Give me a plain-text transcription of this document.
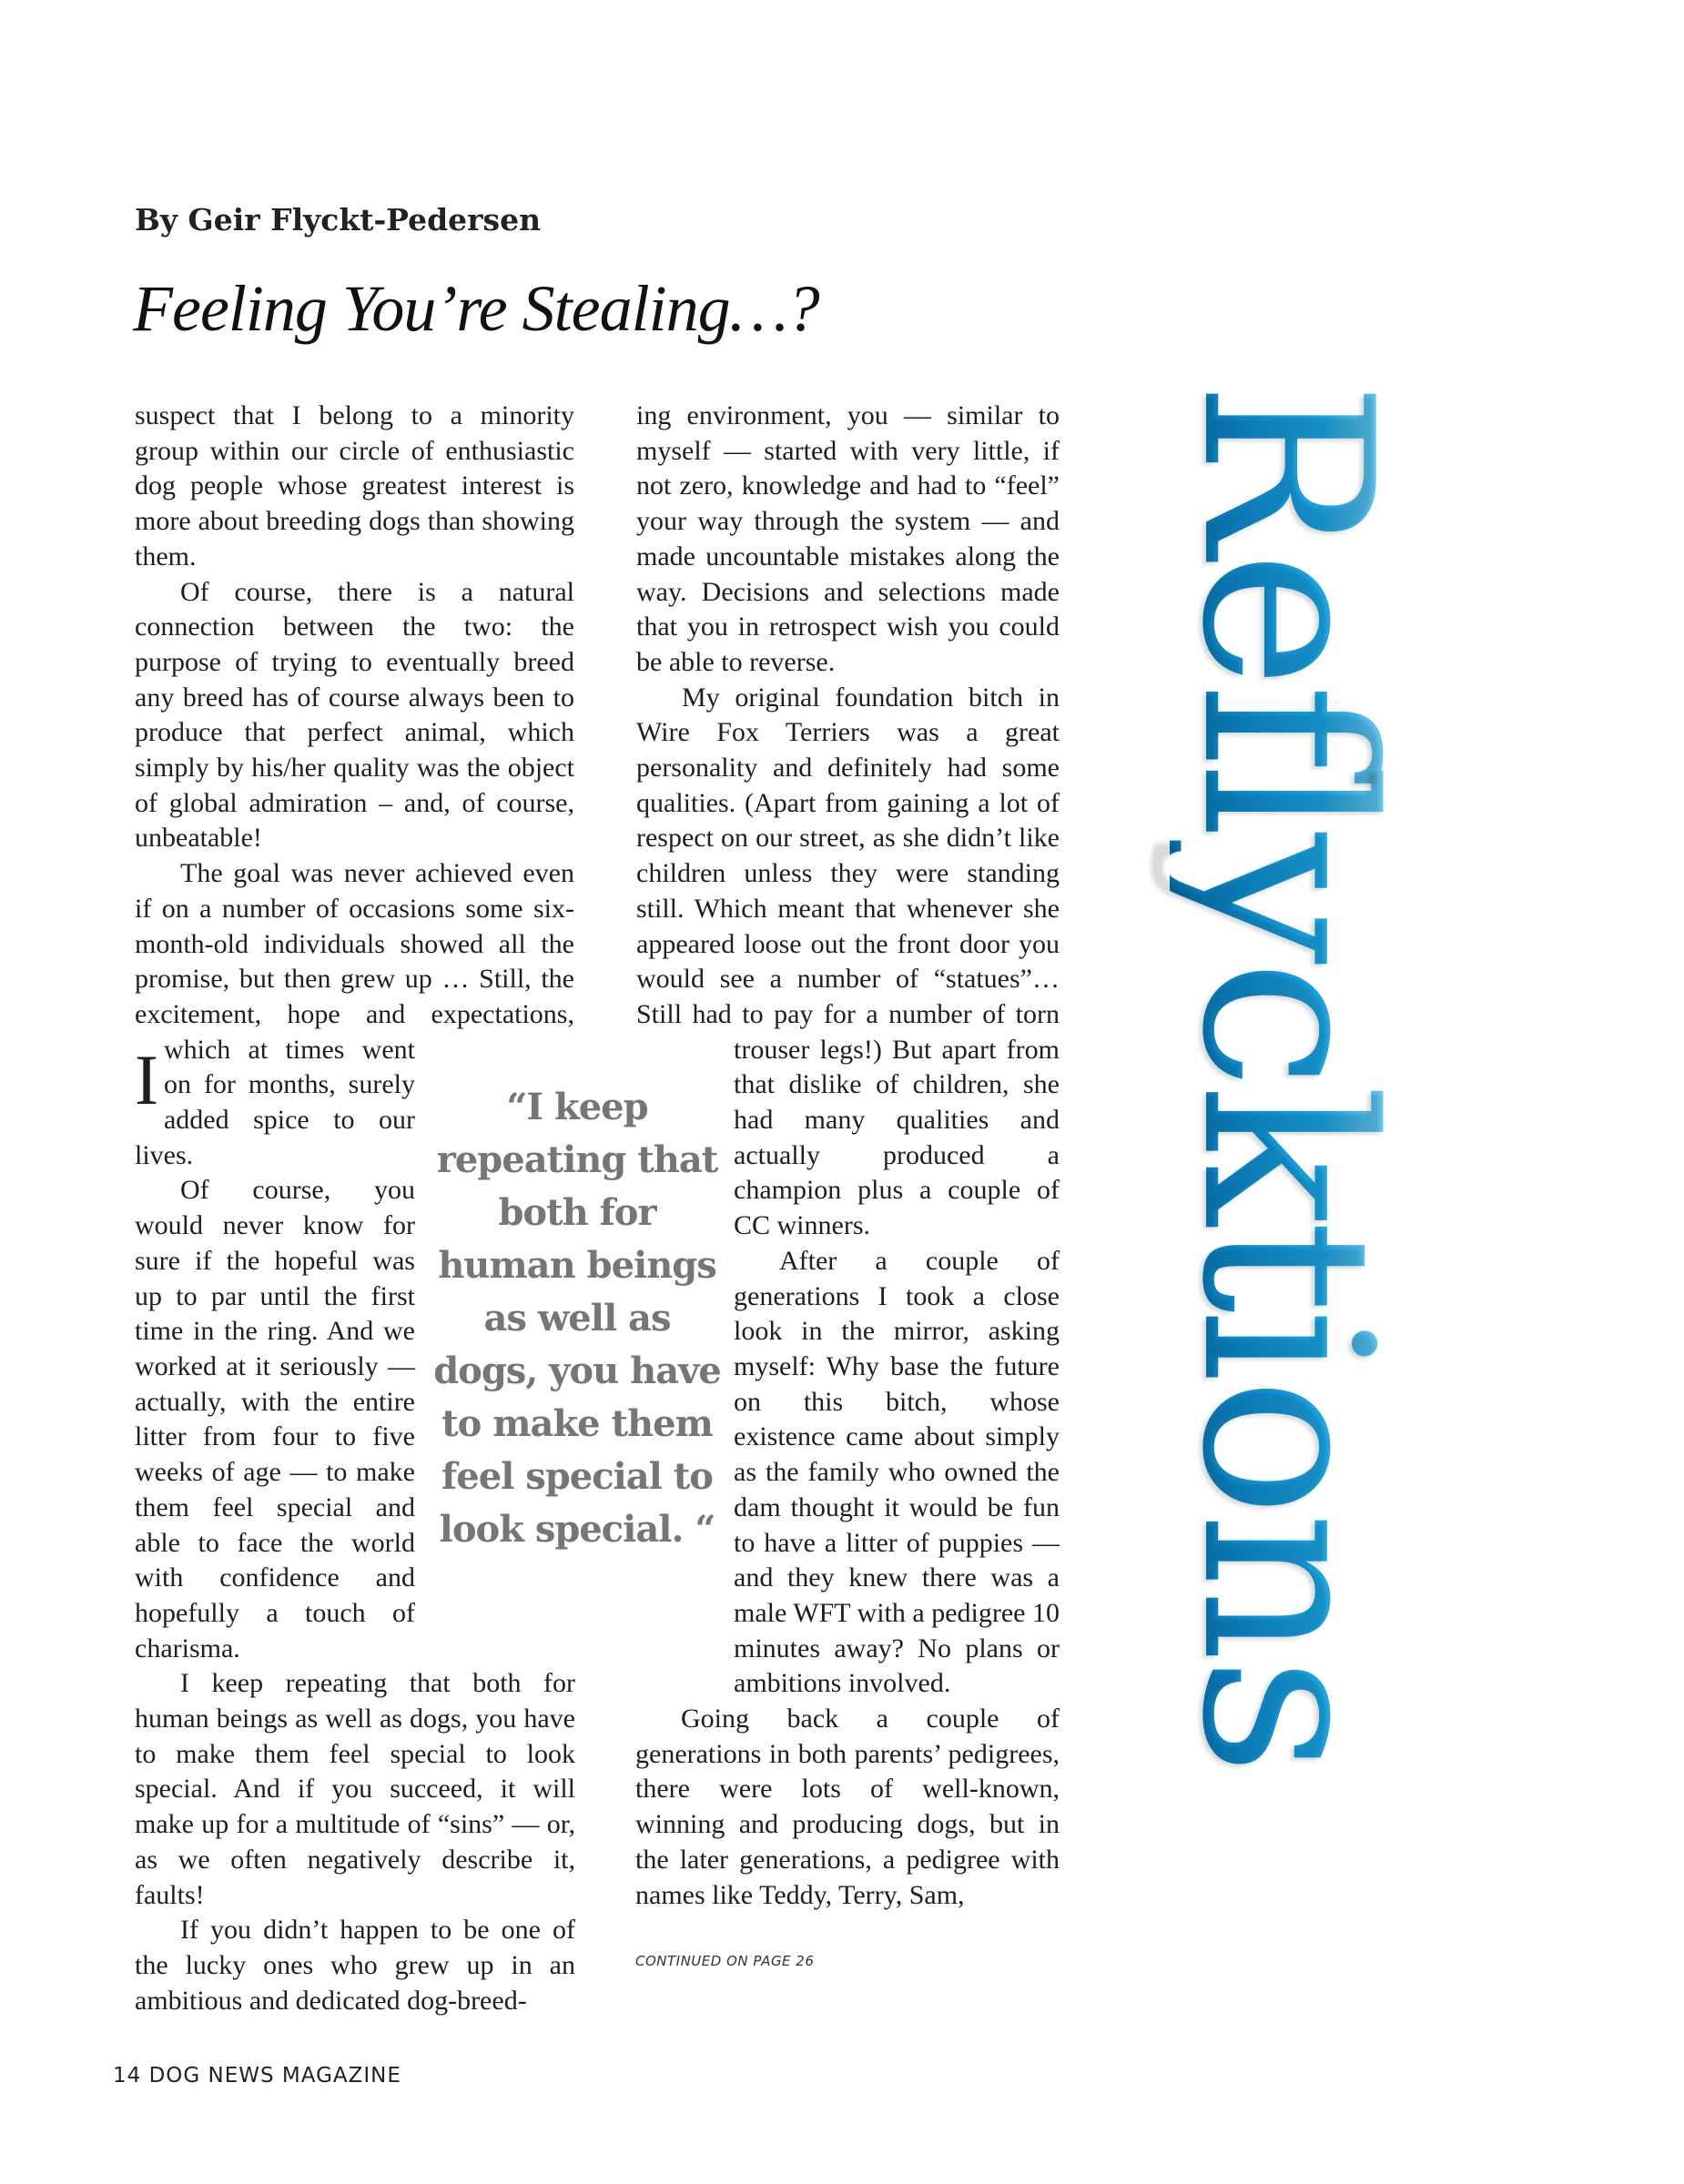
Reflycktions
By Geir Flyckt-Pedersen
Feeling You’re Stealing…?

I
suspect that I belong to a minority group within our circle of enthusiastic dog people whose greatest interest is more about breeding dogs than showing them.

Of course, there is a natural connection between the two: the purpose of trying to eventually breed any breed has of course always been to produce that perfect animal, which simply by his/her quality was the object of global admiration – and, of course, unbeatable!

The goal was never achieved even if on a number of occasions some six-month-old individuals showed all the promise, but then grew up … Still, the excitement, hope and expectations, which at times went on for months, surely added spice to our lives.

Of course, you would never know for sure if the hopeful was up to par until the first time in the ring. And we worked at it seriously — actually, with the entire litter from four to five weeks of age — to make them feel special and able to face the world with confidence and hopefully a touch of charisma.

I keep repeating that both for human beings as well as dogs, you have to make them feel special to look special. And if you succeed, it will make up for a multitude of “sins” — or, as we often negatively describe it, faults!

If you didn’t happen to be one of the lucky ones who grew up in an ambitious and dedicated dog-breed-

ing environment, you — similar to myself — started with very little, if not zero, knowledge and had to “feel” your way through the system — and made uncountable mistakes along the way. Decisions and selections made that you in retrospect wish you could be able to reverse.

My original foundation bitch in Wire Fox Terriers was a great personality and definitely had some qualities. (Apart from gaining a lot of respect on our street, as she didn’t like children unless they were standing still. Which meant that whenever she appeared loose out the front door you would see a number of “statues”… Still had to pay for a number of torn trouser legs!) But apart from that dislike of children, she had many qualities and actually produced a champion plus a couple of CC winners.

After a couple of generations I took a close look in the mirror, asking myself: Why base the future on this bitch, whose existence came about simply as the family who owned the dam thought it would be fun to have a litter of puppies — and they knew there was a male WFT with a pedigree 10 minutes away? No plans or ambitions involved.

Going back a couple of generations in both parents’ pedigrees, there were lots of well-known, winning and producing dogs, but in the later generations, a pedigree with names like Teddy, Terry, Sam,

“I keep repeating that both for human beings as well as dogs, you have to make them feel special to look special. “
CONTINUED ON PAGE 26
14 DOG NEWS MAGAZINE
